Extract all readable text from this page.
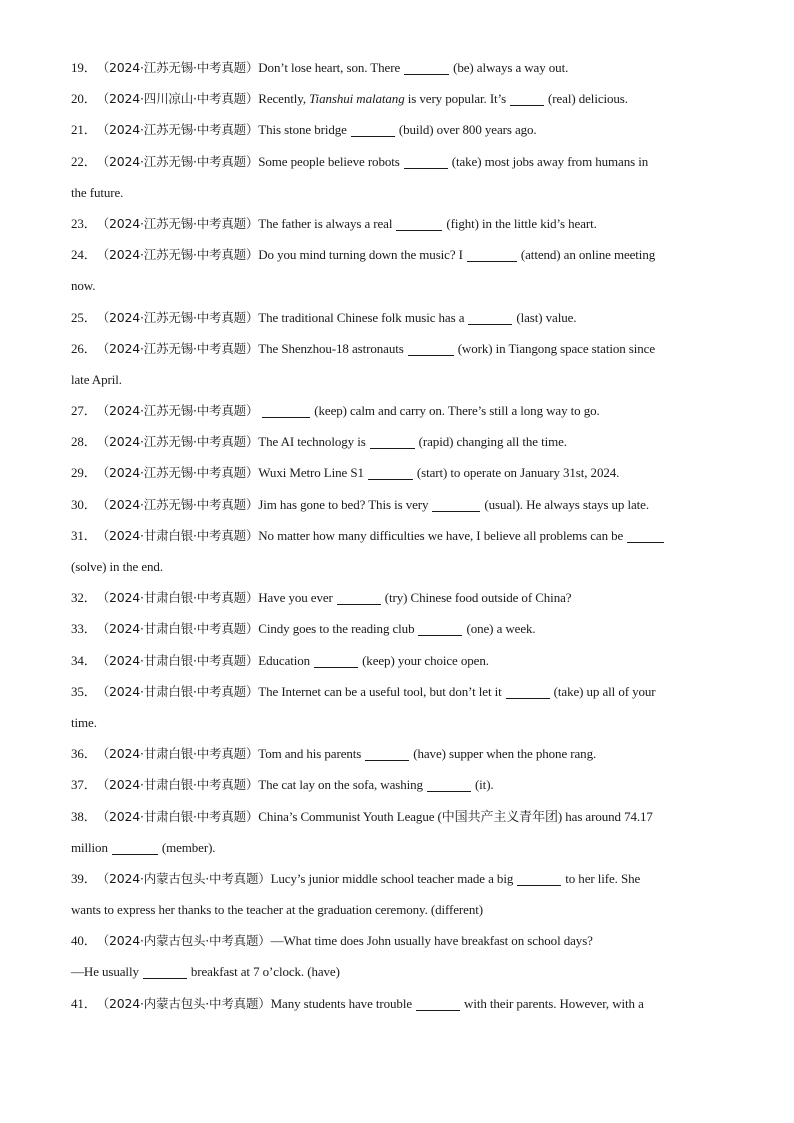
19．（2024·江苏无锡·中考真题）Don’t lose heart, son. There	(be) always a way out.
20．（2024·四川凉山·中考真题）Recently, Tianshui malatang is very popular. It’s	(real) delicious.
21．（2024·江苏无锡·中考真题）This stone bridge	(build) over 800 years ago.
22．（2024·江苏无锡·中考真题）Some people believe robots	(take) most jobs away from humans in
the future.
23．（2024·江苏无锡·中考真题）The father is always a real	(fight) in the little kid’s heart.
24．（2024·江苏无锡·中考真题）Do you mind turning down the music? I	(attend) an online meeting
now.
25．（2024·江苏无锡·中考真题）The traditional Chinese folk music has a	(last) value.
26．（2024·江苏无锡·中考真题）The Shenzhou-18 astronauts	(work) in Tiangong space station since
late April.
27．（2024·江苏无锡·中考真题）	(keep) calm and carry on. There’s still a long way to go.
28．（2024·江苏无锡·中考真题）The AI technology is	(rapid) changing all the time.
29．（2024·江苏无锡·中考真题）Wuxi Metro Line S1	(start) to operate on January 31st, 2024.
30．（2024·江苏无锡·中考真题）Jim has gone to bed? This is very	(usual). He always stays up late.
31．（2024·甘肃白银·中考真题）No matter how many difficulties we have, I believe all problems can be
(solve) in the end.
32．（2024·甘肃白银·中考真题）Have you ever	(try) Chinese food outside of China?
33．（2024·甘肃白银·中考真题）Cindy goes to the reading club	(one) a week.
34．（2024·甘肃白银·中考真题）Education	(keep) your choice open.
35．（2024·甘肃白银·中考真题）The Internet can be a useful tool, but don’t let it	(take) up all of your
time.
36．（2024·甘肃白银·中考真题）Tom and his parents	(have) supper when the phone rang.
37．（2024·甘肃白银·中考真题）The cat lay on the sofa, washing	(it).
38．（2024·甘肃白银·中考真题）China’s Communist Youth League (中国共产主义青年团) has around 74.17
million	(member).
39．（2024·内蒙古包头·中考真题）Lucy’s junior middle school teacher made a big	to her life. She
wants to express her thanks to the teacher at the graduation ceremony. (different)
40．（2024·内蒙古包头·中考真题）—What time does John usually have breakfast on school days?
—He usually	breakfast at 7 o’clock. (have)
41．（2024·内蒙古包头·中考真题）Many students have trouble	with their parents. However, with a
